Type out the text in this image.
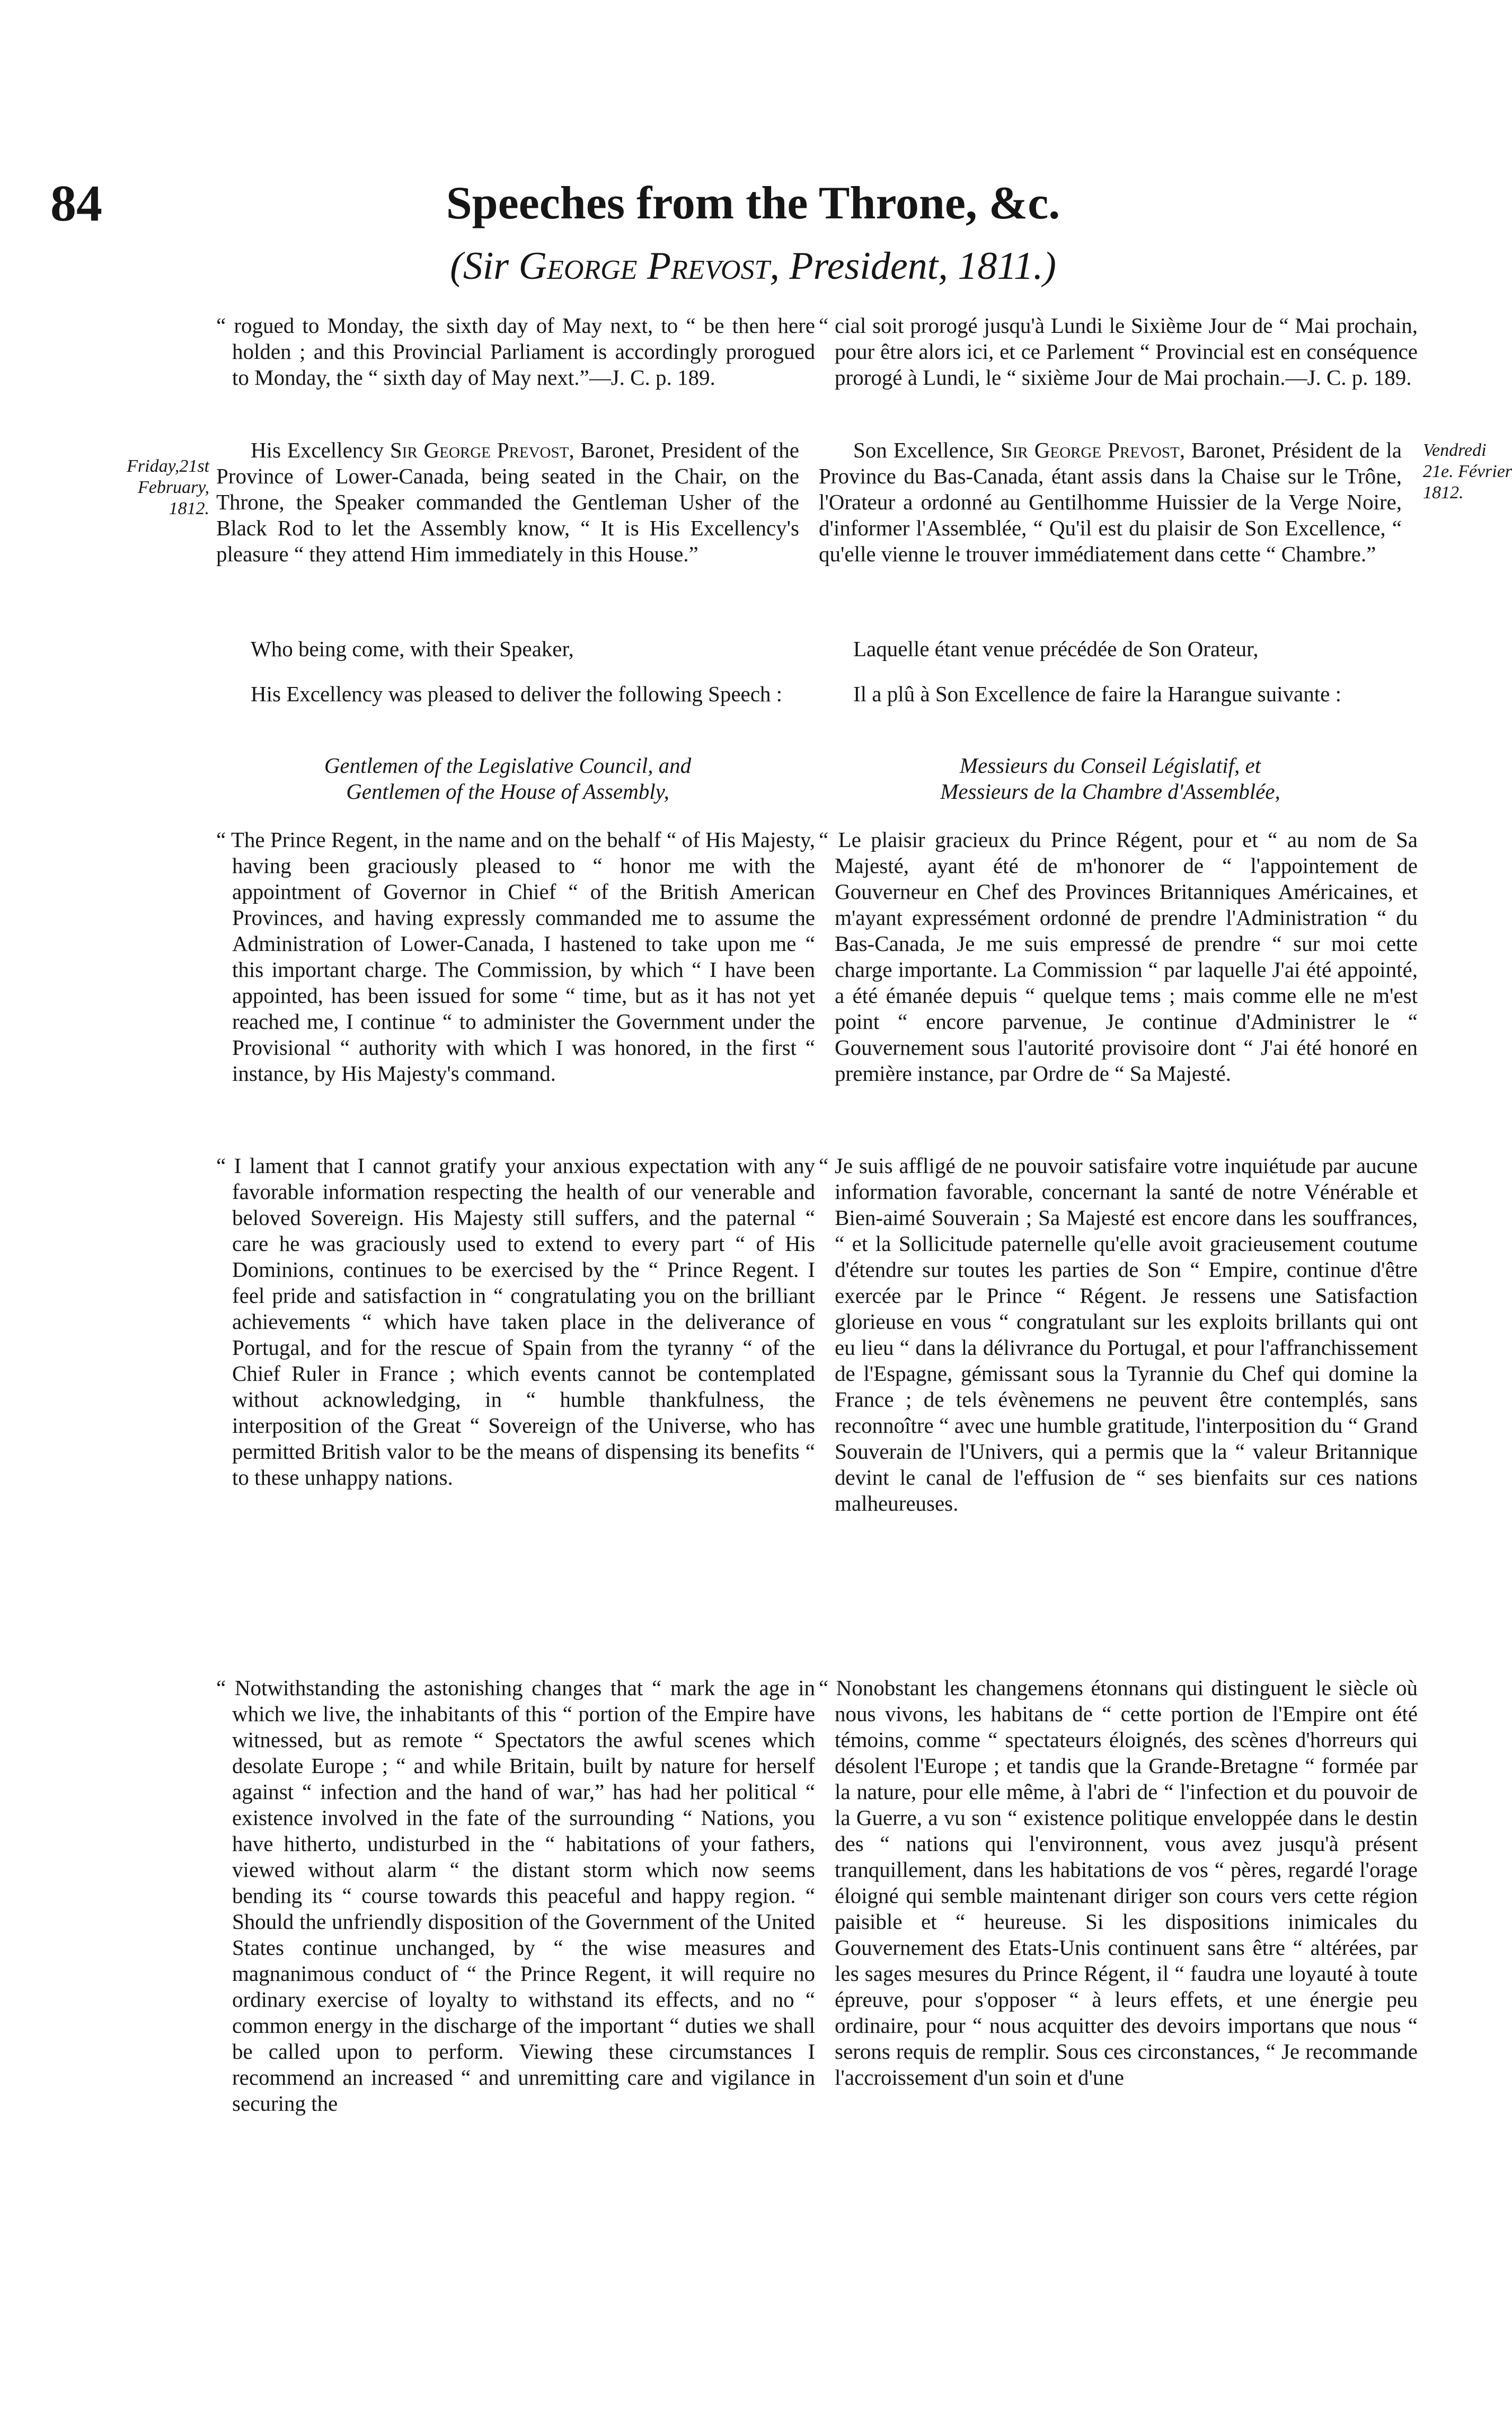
84	Speeches from the Throne, &c.
(Sir George Prevost, President, 1811.)
Friday,21st
February,
1812.
Vendredi
21e. Février
1812.

“ rogued to Monday, the sixth day of May next, to “ be then here holden ; and this Provincial Parliament is accordingly prorogued to Monday, the “ sixth day of May next.”—J. C. p. 189.

His Excellency Sir George Prevost, Baronet, President of the Province of Lower-Canada, being seated in the Chair, on the Throne, the Speaker commanded the Gentleman Usher of the Black Rod to let the Assembly know, “ It is His Excellency's pleasure “ they attend Him immediately in this House.”

Who being come, with their Speaker,

His Excellency was pleased to deliver the following Speech :

Gentlemen of the Legislative Council, and
Gentlemen of the House of Assembly,

“ The Prince Regent, in the name and on the behalf “ of His Majesty, having been graciously pleased to “ honor me with the appointment of Governor in Chief “ of the British American Provinces, and having expressly commanded me to assume the Administration of Lower-Canada, I hastened to take upon me “ this important charge. The Commission, by which “ I have been appointed, has been issued for some “ time, but as it has not yet reached me, I continue “ to administer the Government under the Provisional “ authority with which I was honored, in the first “ instance, by His Majesty's command.

“ I lament that I cannot gratify your anxious expectation with any favorable information respecting the health of our venerable and beloved Sovereign. His Majesty still suffers, and the paternal “ care he was graciously used to extend to every part “ of His Dominions, continues to be exercised by the “ Prince Regent. I feel pride and satisfaction in “ congratulating you on the brilliant achievements “ which have taken place in the deliverance of Portugal, and for the rescue of Spain from the tyranny “ of the Chief Ruler in France ; which events cannot be contemplated without acknowledging, in “ humble thankfulness, the interposition of the Great “ Sovereign of the Universe, who has permitted British valor to be the means of dispensing its benefits “ to these unhappy nations.

“ Notwithstanding the astonishing changes that “ mark the age in which we live, the inhabitants of this “ portion of the Empire have witnessed, but as remote “ Spectators the awful scenes which desolate Europe ; “ and while Britain, built by nature for herself against “ infection and the hand of war,” has had her political “ existence involved in the fate of the surrounding “ Nations, you have hitherto, undisturbed in the “ habitations of your fathers, viewed without alarm “ the distant storm which now seems bending its “ course towards this peaceful and happy region. “ Should the unfriendly disposition of the Government of the United States continue unchanged, by “ the wise measures and magnanimous conduct of “ the Prince Regent, it will require no ordinary exercise of loyalty to withstand its effects, and no “ common energy in the discharge of the important “ duties we shall be called upon to perform. Viewing these circumstances I recommend an increased “ and unremitting care and vigilance in securing the

“ cial soit prorogé jusqu'à Lundi le Sixième Jour de “ Mai prochain, pour être alors ici, et ce Parlement “ Provincial est en conséquence prorogé à Lundi, le “ sixième Jour de Mai prochain.—J. C. p. 189.

Son Excellence, Sir George Prevost, Baronet, Président de la Province du Bas-Canada, étant assis dans la Chaise sur le Trône, l'Orateur a ordonné au Gentilhomme Huissier de la Verge Noire, d'informer l'Assemblée, “ Qu'il est du plaisir de Son Excellence, “ qu'elle vienne le trouver immédiatement dans cette “ Chambre.”

Laquelle étant venue précédée de Son Orateur,

Il a plû à Son Excellence de faire la Harangue suivante :

Messieurs du Conseil Législatif, et
Messieurs de la Chambre d'Assemblée,

“ Le plaisir gracieux du Prince Régent, pour et “ au nom de Sa Majesté, ayant été de m'honorer de “ l'appointement de Gouverneur en Chef des Provinces Britanniques Américaines, et m'ayant expressément ordonné de prendre l'Administration “ du Bas-Canada, Je me suis empressé de prendre “ sur moi cette charge importante. La Commission “ par laquelle J'ai été appointé, a été émanée depuis “ quelque tems ; mais comme elle ne m'est point “ encore parvenue, Je continue d'Administrer le “ Gouvernement sous l'autorité provisoire dont “ J'ai été honoré en première instance, par Ordre de “ Sa Majesté.

“ Je suis affligé de ne pouvoir satisfaire votre inquiétude par aucune information favorable, concernant la santé de notre Vénérable et Bien-aimé Souverain ; Sa Majesté est encore dans les souffrances, “ et la Sollicitude paternelle qu'elle avoit gracieusement coutume d'étendre sur toutes les parties de Son “ Empire, continue d'être exercée par le Prince “ Régent. Je ressens une Satisfaction glorieuse en vous “ congratulant sur les exploits brillants qui ont eu lieu “ dans la délivrance du Portugal, et pour l'affranchissement de l'Espagne, gémissant sous la Tyrannie du Chef qui domine la France ; de tels évènemens ne peuvent être contemplés, sans reconnoître “ avec une humble gratitude, l'interposition du “ Grand Souverain de l'Univers, qui a permis que la “ valeur Britannique devint le canal de l'effusion de “ ses bienfaits sur ces nations malheureuses.

“ Nonobstant les changemens étonnans qui distinguent le siècle où nous vivons, les habitans de “ cette portion de l'Empire ont été témoins, comme “ spectateurs éloignés, des scènes d'horreurs qui désolent l'Europe ; et tandis que la Grande-Bretagne “ formée par la nature, pour elle même, à l'abri de “ l'infection et du pouvoir de la Guerre, a vu son “ existence politique enveloppée dans le destin des “ nations qui l'environnent, vous avez jusqu'à présent tranquillement, dans les habitations de vos “ pères, regardé l'orage éloigné qui semble maintenant diriger son cours vers cette région paisible et “ heureuse. Si les dispositions inimicales du Gouvernement des Etats-Unis continuent sans être “ altérées, par les sages mesures du Prince Régent, il “ faudra une loyauté à toute épreuve, pour s'opposer “ à leurs effets, et une énergie peu ordinaire, pour “ nous acquitter des devoirs importans que nous “ serons requis de remplir. Sous ces circonstances, “ Je recommande l'accroissement d'un soin et d'une
